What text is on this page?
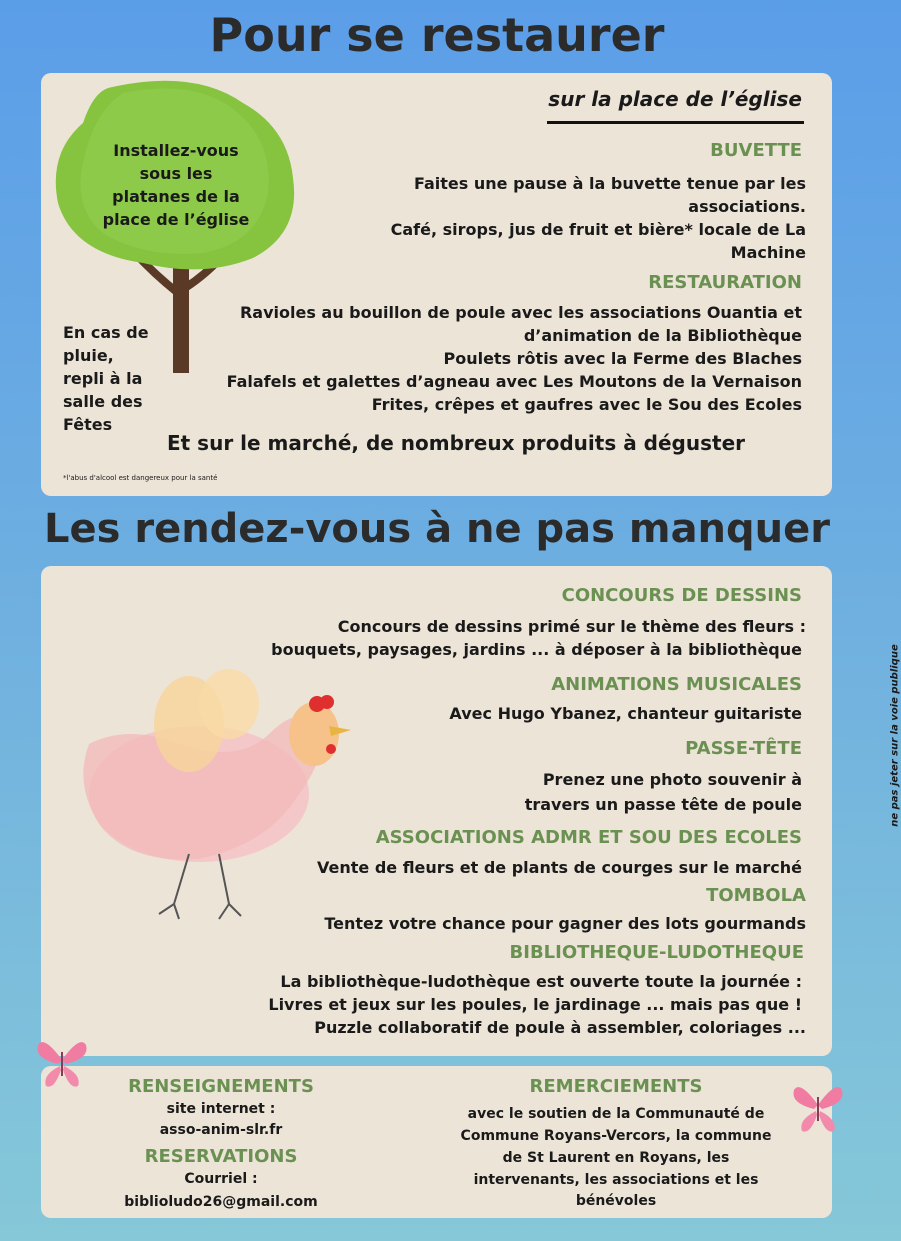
Pour se restaurer
Installez-vous sous les platanes de la place de l’église
En cas de pluie, repli à la salle des Fêtes
sur la place de l’église
BUVETTE
Faites une pause à la buvette tenue par les associations.
Café, sirops, jus de fruit et bière* locale de La Machine
RESTAURATION
Ravioles au bouillon de poule avec les associations Ouantia et
d’animation de la Bibliothèque
Poulets rôtis avec la Ferme des Blaches
Falafels et galettes d’agneau avec Les Moutons de la Vernaison
Frites, crêpes et gaufres avec le Sou des Ecoles
Et sur le marché, de nombreux produits à déguster
*l'abus d'alcool est dangereux pour la santé
Les rendez-vous à ne pas manquer
CONCOURS DE DESSINS
Concours de dessins primé sur le thème des fleurs :
bouquets, paysages, jardins ... à déposer à la bibliothèque
ANIMATIONS MUSICALES
Avec Hugo Ybanez, chanteur guitariste
PASSE-TÊTE
Prenez une photo souvenir à
travers un passe tête de poule
ASSOCIATIONS ADMR ET SOU DES ECOLES
Vente de fleurs et de plants de courges sur le marché
TOMBOLA
Tentez votre chance pour gagner des lots gourmands
BIBLIOTHEQUE-LUDOTHEQUE
La bibliothèque-ludothèque est ouverte toute la journée :
Livres et jeux sur les poules, le jardinage ... mais pas que !
Puzzle collaboratif de poule à assembler, coloriages ...
ne pas jeter sur la voie publique
RENSEIGNEMENTS
site internet :
asso-anim-slr.fr
RESERVATIONS
Courriel :
biblioludo26@gmail.com
REMERCIEMENTS
avec le soutien de la Communauté de
Commune Royans-Vercors, la commune
de St Laurent en Royans, les
intervenants, les associations et les
bénévoles
